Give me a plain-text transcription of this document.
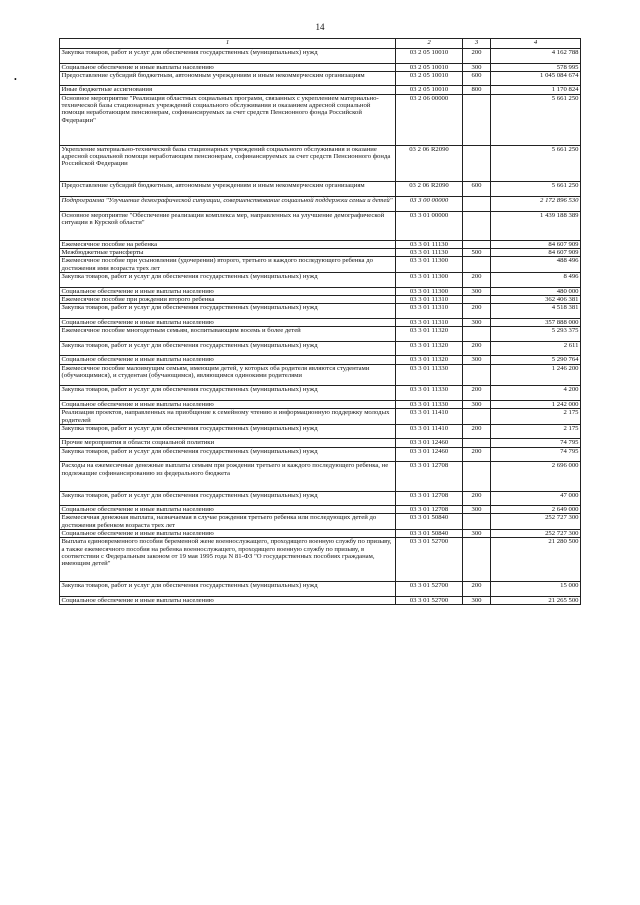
14
•
1	2	3	4
Закупка товаров, работ и услуг для обеспечения государственных (муниципальных) нужд	03 2 05 10010	200	4 162 788
Социальное обеспечение и иные выплаты населению	03 2 05 10010	300	578 995
Предоставление субсидий бюджетным, автономным учреждениям и иным некоммерческим организациям	03 2 05 10010	600	1 045 084 674
Иные бюджетные ассигнования	03 2 05 10010	800	1 170 824
Основное мероприятие "Реализация областных социальных программ, связанных с укреплением материально-технической базы стационарных учреждений социального обслуживания и оказанием адресной социальной помощи неработающим пенсионерам, софинансируемых за счет средств Пенсионного фонда Российской Федерации"	03 2 06 00000		5 661 250
Укрепление материально-технической базы стационарных учреждений социального обслуживания и оказание адресной социальной помощи неработающим пенсионерам, софинансируемых за счет средств Пенсионного фонда Российской Федерации	03 2 06 R2090		5 661 250
Предоставление субсидий бюджетным, автономным учреждениям и иным некоммерческим организациям	03 2 06 R2090	600	5 661 250
Подпрограмма "Улучшение демографической ситуации, совершенствование социальной поддержки семьи и детей"	03 3 00 00000		2 172 896 530
Основное мероприятие "Обеспечение реализации комплекса мер, направленных на улучшение демографической ситуации в Курской области"	03 3 01 00000		1 439 188 389
Ежемесячное пособие на ребенка	03 3 01 11130		84 607 909
Межбюджетные трансферты	03 3 01 11130	500	84 607 909
Ежемесячное пособие при усыновлении (удочерении) второго, третьего и каждого последующего ребенка до достижения ими возраста трех лет	03 3 01 11300		488 496
Закупка товаров, работ и услуг для обеспечения государственных (муниципальных) нужд	03 3 01 11300	200	8 496
Социальное обеспечение и иные выплаты населению	03 3 01 11300	300	480 000
Ежемесячное пособие при рождении второго ребенка	03 3 01 11310		362 406 381
Закупка товаров, работ и услуг для обеспечения государственных (муниципальных) нужд	03 3 01 11310	200	4 518 381
Социальное обеспечение и иные выплаты населению	03 3 01 11310	300	357 888 000
Ежемесячное пособие многодетным семьям, воспитывающим восемь и более детей	03 3 01 11320		5 293 375
Закупка товаров, работ и услуг для обеспечения государственных (муниципальных) нужд	03 3 01 11320	200	2 611
Социальное обеспечение и иные выплаты населению	03 3 01 11320	300	5 290 764
Ежемесячное пособие малоимущим семьям, имеющим детей, у которых оба родителя являются студентами (обучающимися), и студентам (обучающимся), являющимся одинокими родителями	03 3 01 11330		1 246 200
Закупка товаров, работ и услуг для обеспечения государственных (муниципальных) нужд	03 3 01 11330	200	4 200
Социальное обеспечение и иные выплаты населению	03 3 01 11330	300	1 242 000
Реализация проектов, направленных на приобщение к семейному чтению и информационную поддержку молодых родителей	03 3 01 11410		2 175
Закупка товаров, работ и услуг для обеспечения государственных (муниципальных) нужд	03 3 01 11410	200	2 175
Прочие мероприятия в области социальной политики	03 3 01 12460		74 795
Закупка товаров, работ и услуг для обеспечения государственных (муниципальных) нужд	03 3 01 12460	200	74 795
Расходы на ежемесячные денежные выплаты семьям при рождении третьего и каждого последующего ребенка, не подлежащие софинансированию из федерального бюджета	03 3 01 12708		2 696 000
Закупка товаров, работ и услуг для обеспечения государственных (муниципальных) нужд	03 3 01 12708	200	47 000
Социальное обеспечение и иные выплаты населению	03 3 01 12708	300	2 649 000
Ежемесячная денежная выплата, назначаемая в случае рождения третьего ребенка или последующих детей до достижения ребенком возраста трех лет	03 3 01 50840		252 727 300
Социальное обеспечение и иные выплаты населению	03 3 01 50840	300	252 727 300
Выплата единовременного пособия беременной жене военнослужащего, проходящего военную службу по призыву, а также ежемесячного пособия на ребенка военнослужащего, проходящего военную службу по призыву, в соответствии с Федеральным законом от 19 мая 1995 года N 81-ФЗ "О государственных пособиях гражданам, имеющим детей"	03 3 01 52700		21 280 500
Закупка товаров, работ и услуг для обеспечения государственных (муниципальных) нужд	03 3 01 52700	200	15 000
Социальное обеспечение и иные выплаты населению	03 3 01 52700	300	21 265 500
